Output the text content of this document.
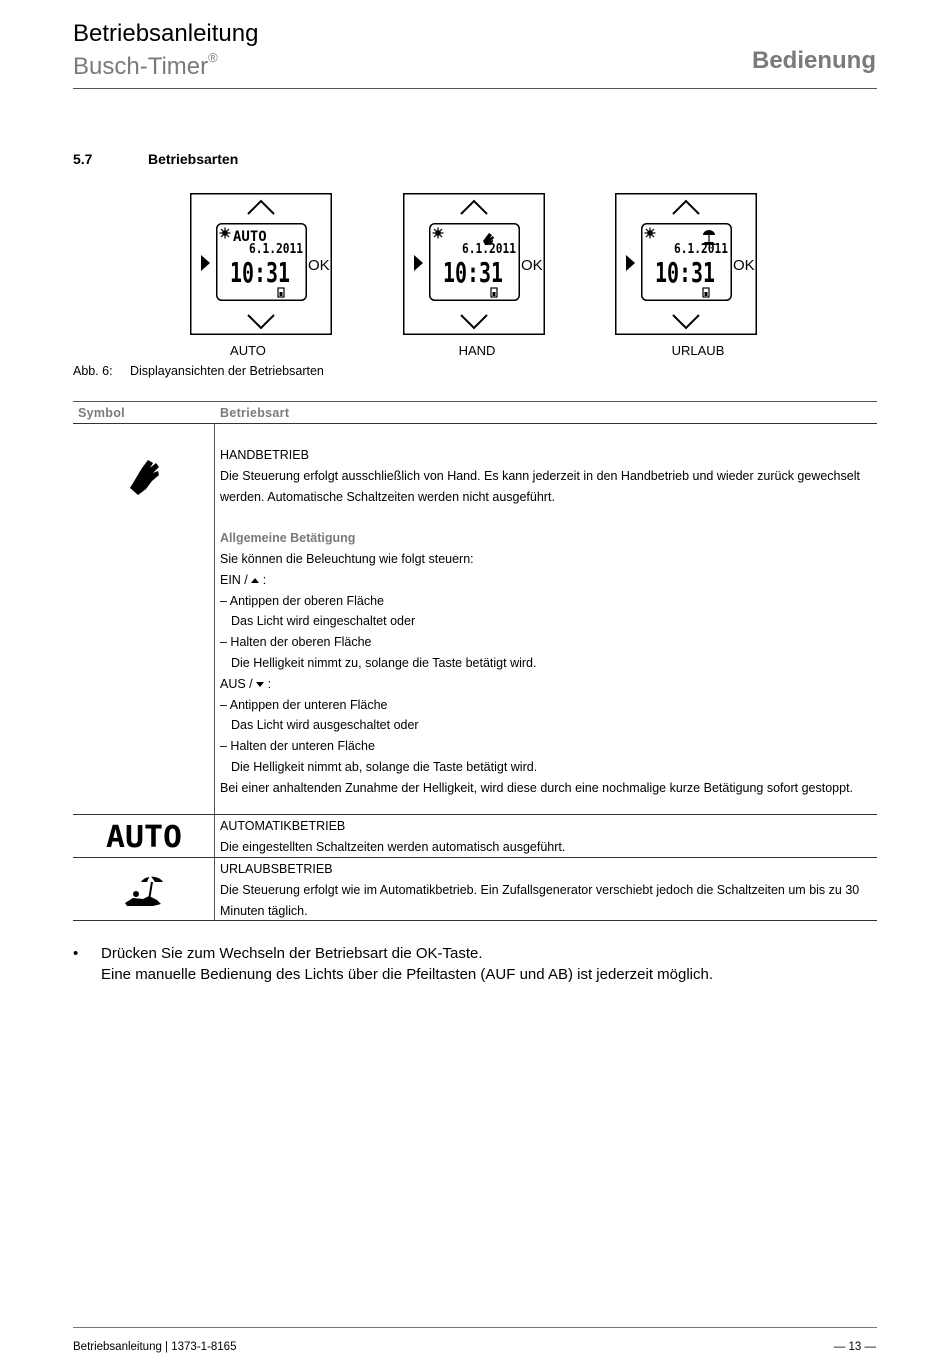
Betriebsanleitung
Busch-Timer®	Bedienung
5.7	Betriebsarten
AUTO
6.1.2011
10:31 OK
AUTO
6.1.2011
10:31 OK
HAND
6.1.2011
10:31 OK
URLAUB
Abb. 6: Displayansichten der Betriebsarten
Symbol	Betriebsart
HANDBETRIEB
Die Steuerung erfolgt ausschließlich von Hand. Es kann jederzeit in den Handbetrieb und wieder zurück gewechselt werden. Automatische Schaltzeiten werden nicht ausgeführt.
Allgemeine Betätigung
Sie können die Beleuchtung wie folgt steuern:
EIN /  :
– Antippen der oberen Fläche
Das Licht wird eingeschaltet oder
– Halten der oberen Fläche
Die Helligkeit nimmt zu, solange die Taste betätigt wird.
AUS /  :
– Antippen der unteren Fläche
Das Licht wird ausgeschaltet oder
– Halten der unteren Fläche
Die Helligkeit nimmt ab, solange die Taste betätigt wird.
Bei einer anhaltenden Zunahme der Helligkeit, wird diese durch eine nochmalige kurze Betätigung sofort gestoppt.
AUTO	AUTOMATIKBETRIEB
Die eingestellten Schaltzeiten werden automatisch ausgeführt.
URLAUBSBETRIEB
Die Steuerung erfolgt wie im Automatikbetrieb. Ein Zufallsgenerator verschiebt jedoch die Schaltzeiten um bis zu 30 Minuten täglich.
• Drücken Sie zum Wechseln der Betriebsart die OK-Taste.
Eine manuelle Bedienung des Lichts über die Pfeiltasten (AUF und AB) ist jederzeit möglich.
Betriebsanleitung | 1373-1-8165	— 13 —
